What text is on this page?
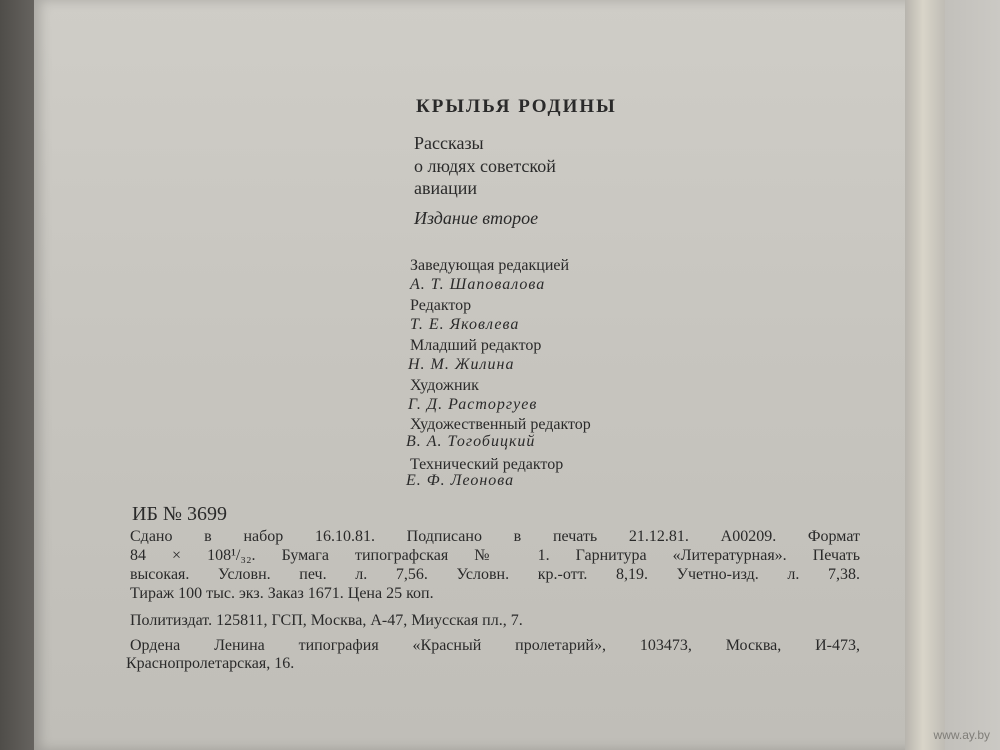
КРЫЛЬЯ РОДИНЫ
Рассказы
о людях советской
авиации
Издание второе
Заведующая редакцией
А. Т. Шаповалова
Редактор
Т. Е. Яковлева
Младший редактор
Н. М. Жилина
Художник
Г. Д. Расторгуев
Художественный редактор
В. А. Тогобицкий
Технический редактор
Е. Ф. Леонова
ИБ № 3699
Сдано в набор 16.10.81. Подписано в печать 21.12.81. А00209. Формат
84 × 108¹/₃₂. Бумага типографская № 1. Гарнитура «Литературная». Печать
высокая. Условн. печ. л. 7,56. Условн. кр.-отт. 8,19. Учетно-изд. л. 7,38.
Тираж 100 тыс. экз. Заказ 1671. Цена 25 коп.
Политиздат. 125811, ГСП, Москва, А-47, Миусская пл., 7.
Ордена Ленина типография «Красный пролетарий», 103473, Москва, И-473,
Краснопролетарская, 16.
www.ay.by
